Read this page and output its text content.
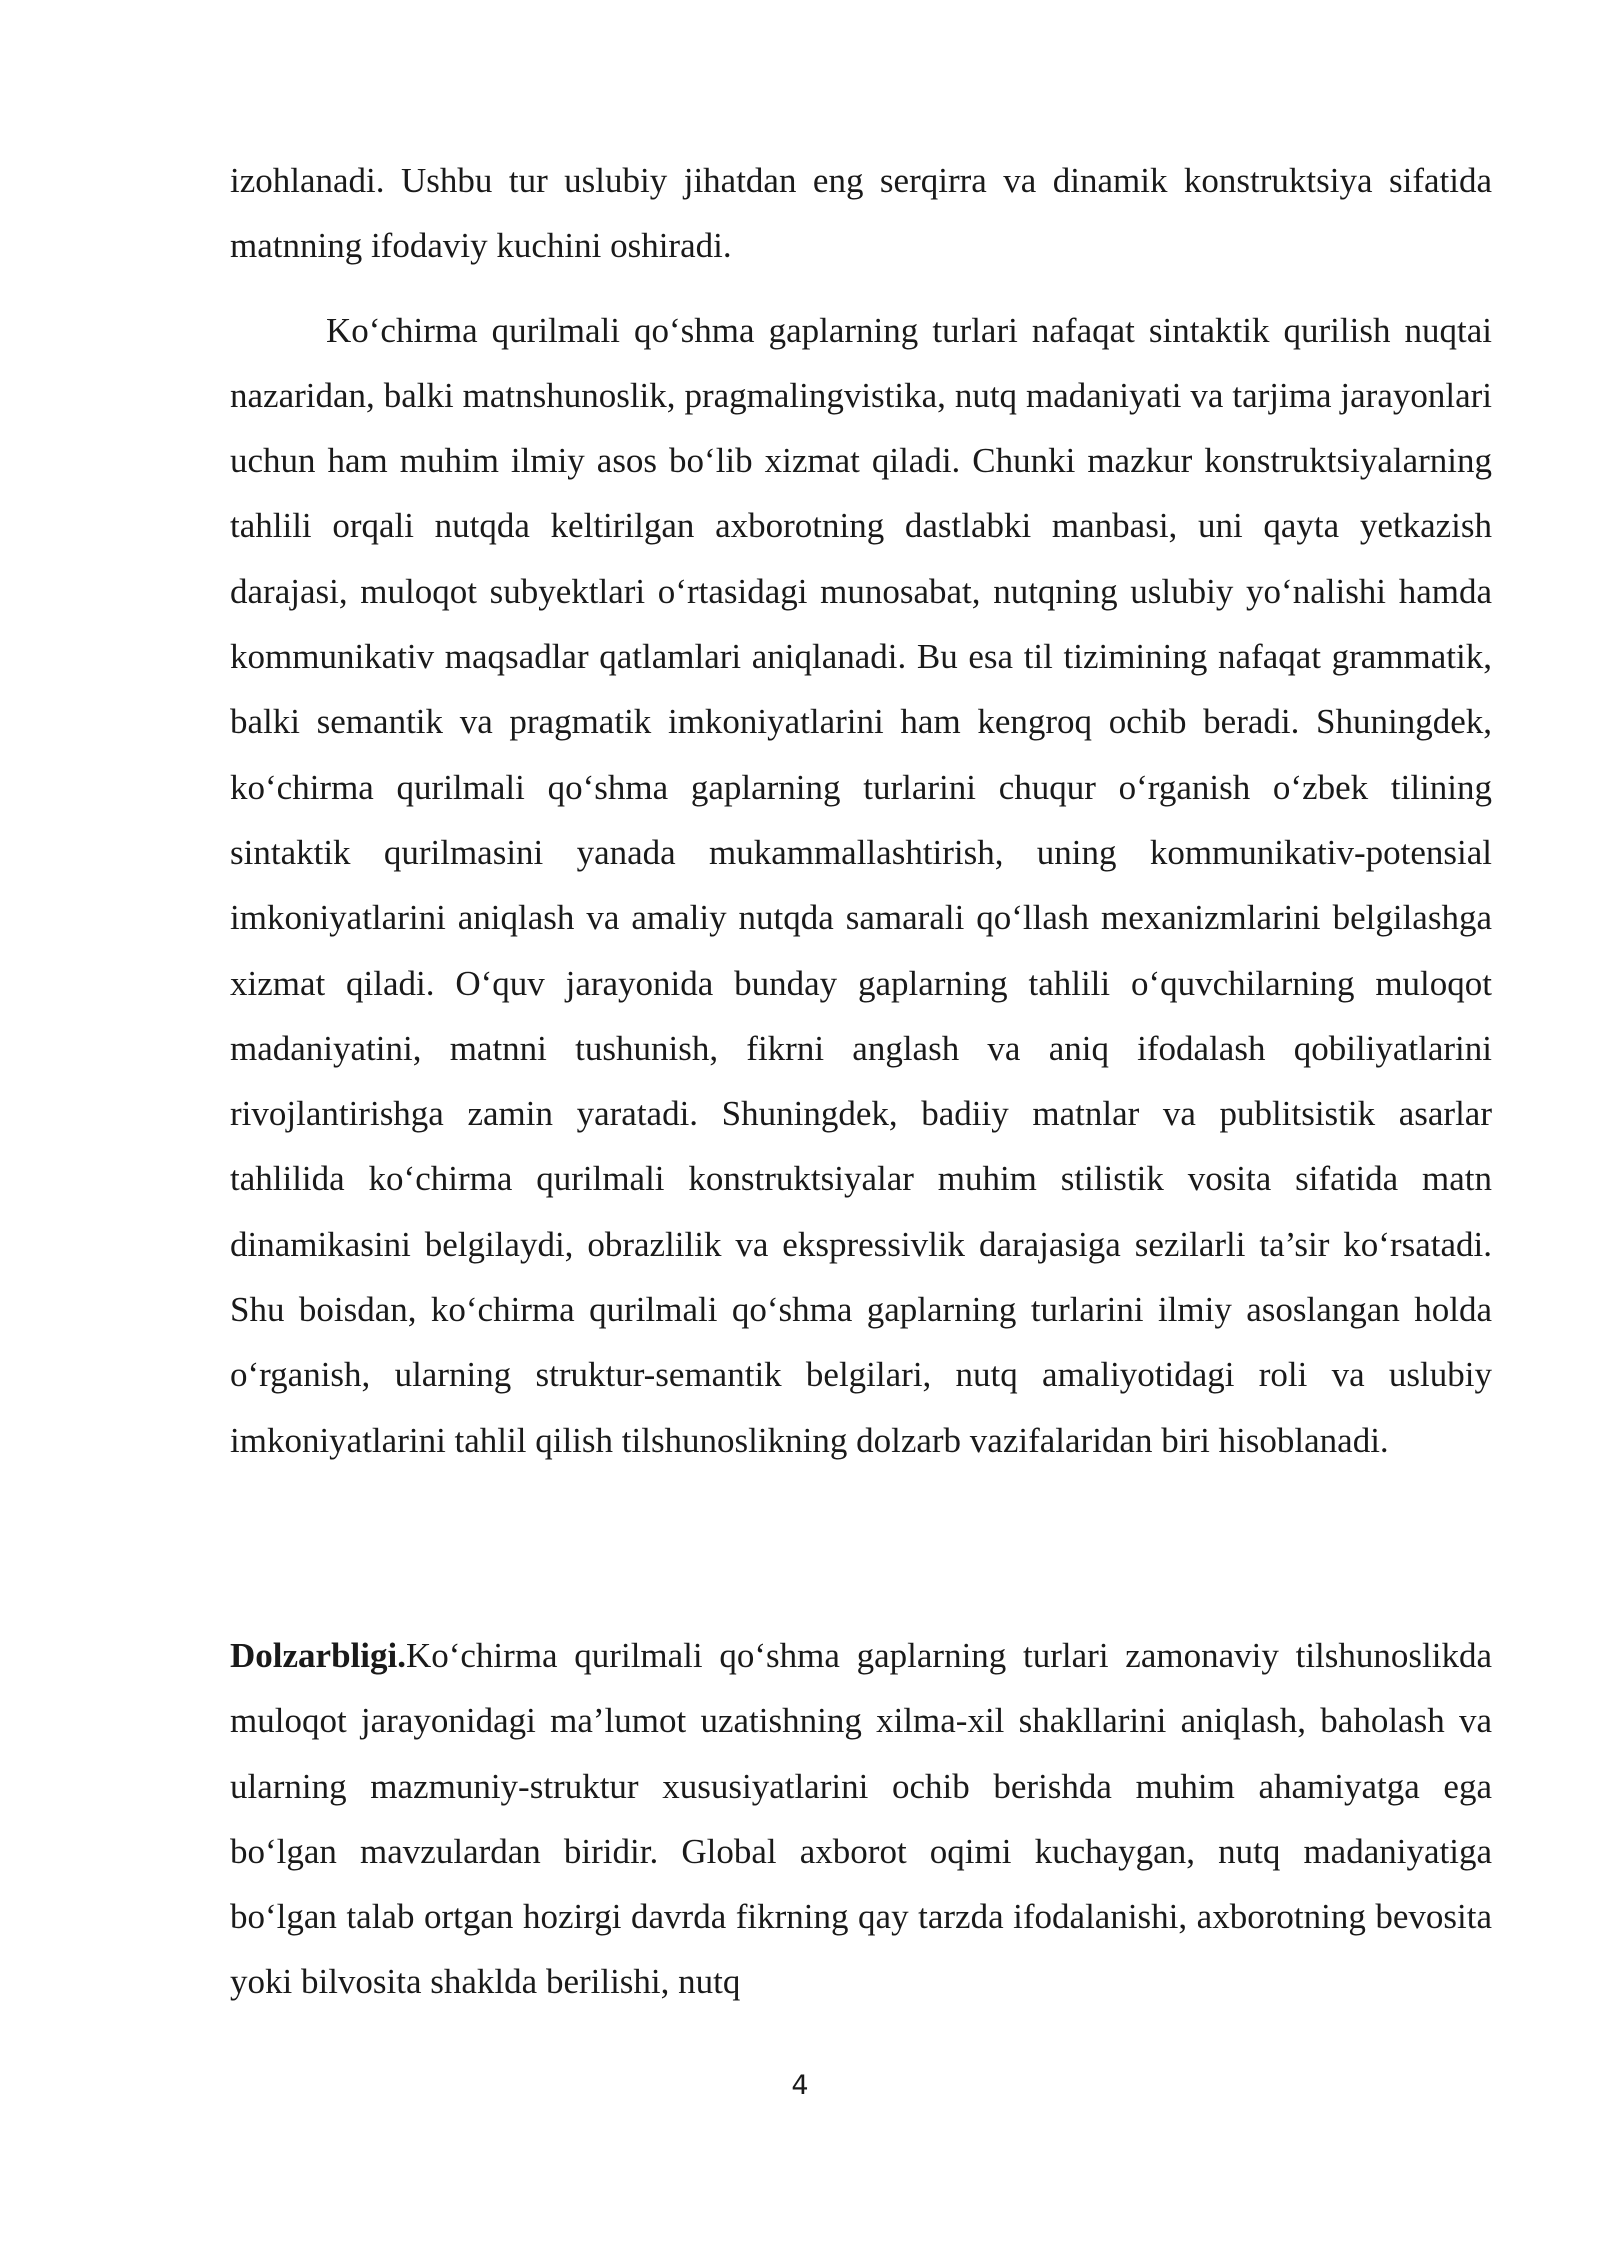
izohlanadi. Ushbu tur uslubiy jihatdan eng serqirra va dinamik konstruktsiya sifatida matnning ifodaviy kuchini oshiradi.

Ko‘chirma qurilmali qo‘shma gaplarning turlari nafaqat sintaktik qurilish nuqtai nazaridan, balki matnshunoslik, pragmalingvistika, nutq madaniyati va tarjima jarayonlari uchun ham muhim ilmiy asos bo‘lib xizmat qiladi. Chunki mazkur konstruktsiyalarning tahlili orqali nutqda keltirilgan axborotning dastlabki manbasi, uni qayta yetkazish darajasi, muloqot subyektlari o‘rtasidagi munosabat, nutqning uslubiy yo‘nalishi hamda kommunikativ maqsadlar qatlamlari aniqlanadi. Bu esa til tizimining nafaqat grammatik, balki semantik va pragmatik imkoniyatlarini ham kengroq ochib beradi. Shuningdek, ko‘chirma qurilmali qo‘shma gaplarning turlarini chuqur o‘rganish o‘zbek tilining sintaktik qurilmasini yanada mukammallashtirish, uning kommunikativ-potensial imkoniyatlarini aniqlash va amaliy nutqda samarali qo‘llash mexanizmlarini belgilashga xizmat qiladi. O‘quv jarayonida bunday gaplarning tahlili o‘quvchilarning muloqot madaniyatini, matnni tushunish, fikrni anglash va aniq ifodalash qobiliyatlarini rivojlantirishga zamin yaratadi. Shuningdek, badiiy matnlar va publitsistik asarlar tahlilida ko‘chirma qurilmali konstruktsiyalar muhim stilistik vosita sifatida matn dinamikasini belgilaydi, obrazlilik va ekspressivlik darajasiga sezilarli ta’sir ko‘rsatadi. Shu boisdan, ko‘chirma qurilmali qo‘shma gaplarning turlarini ilmiy asoslangan holda o‘rganish, ularning struktur-semantik belgilari, nutq amaliyotidagi roli va uslubiy imkoniyatlarini tahlil qilish tilshunoslikning dolzarb vazifalaridan biri hisoblanadi.

Dolzarbligi.Ko‘chirma qurilmali qo‘shma gaplarning turlari zamonaviy tilshunoslikda muloqot jarayonidagi ma’lumot uzatishning xilma-xil shakllarini aniqlash, baholash va ularning mazmuniy-struktur xususiyatlarini ochib berishda muhim ahamiyatga ega bo‘lgan mavzulardan biridir. Global axborot oqimi kuchaygan, nutq madaniyatiga bo‘lgan talab ortgan hozirgi davrda fikrning qay tarzda ifodalanishi, axborotning bevosita yoki bilvosita shaklda berilishi, nutq

4
